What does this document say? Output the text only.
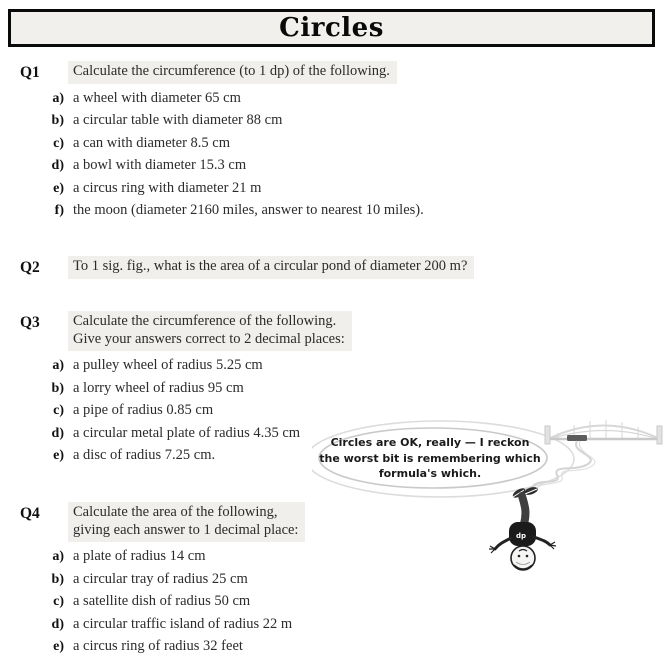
Circles
Q1	Calculate the circumference (to 1 dp) of the following.
a) a wheel with diameter 65 cm
b) a circular table with diameter 88 cm
c) a can with diameter 8.5 cm
d) a bowl with diameter 15.3 cm
e) a circus ring with diameter 21 m
f) the moon (diameter 2160 miles, answer to nearest 10 miles).
Q2	To 1 sig. fig., what is the area of a circular pond of diameter 200 m?
Q3	Calculate the circumference of the following.
Give your answers correct to 2 decimal places:
a) a pulley wheel of radius 5.25 cm
b) a lorry wheel of radius 95 cm
c) a pipe of radius 0.85 cm
d) a circular metal plate of radius 4.35 cm
e) a disc of radius 7.25 cm.
Q4	Calculate the area of the following,
giving each answer to 1 decimal place:
a) a plate of radius 14 cm
b) a circular tray of radius 25 cm
c) a satellite dish of radius 50 cm
d) a circular traffic island of radius 22 m
e) a circus ring of radius 32 feet
dp
Circles are OK, really — I reckon
the worst bit is remembering which
formula's which.
